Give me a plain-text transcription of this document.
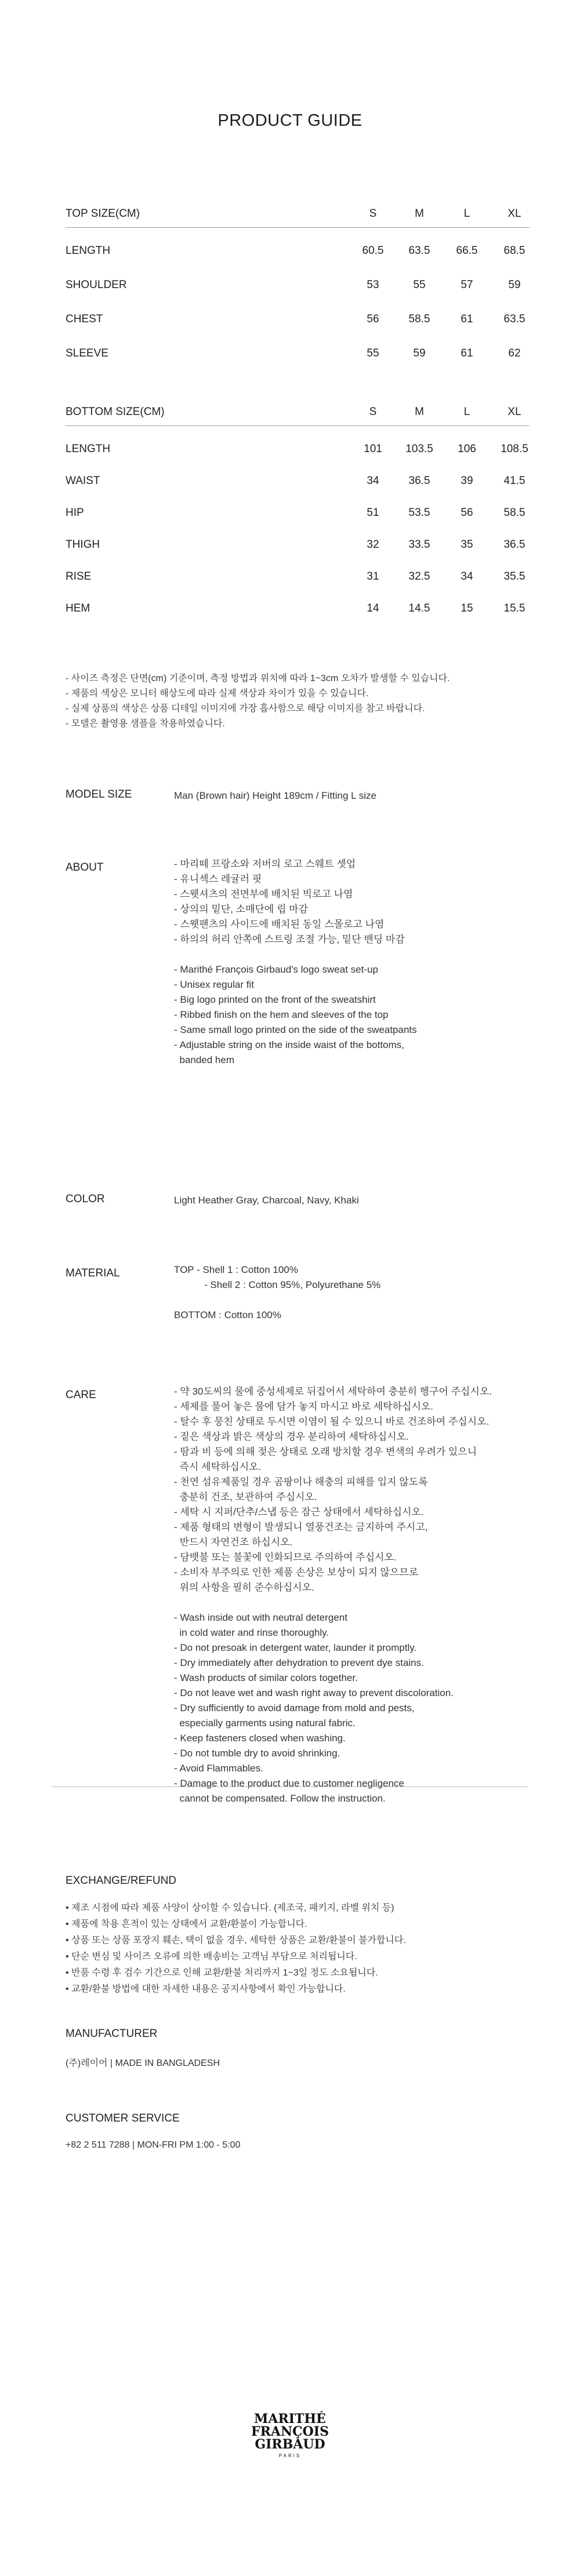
PRODUCT GUIDE
TOP SIZE(CM)	S	M	L	XL
LENGTH	60.5	63.5	66.5	68.5
SHOULDER	53	55	57	59
CHEST	56	58.5	61	63.5
SLEEVE	55	59	61	62
BOTTOM SIZE(CM)	S	M	L	XL
LENGTH	101	103.5	106	108.5
WAIST	34	36.5	39	41.5
HIP	51	53.5	56	58.5
THIGH	32	33.5	35	36.5
RISE	31	32.5	34	35.5
HEM	14	14.5	15	15.5

- 사이즈 측정은 단면(cm) 기준이며, 측정 방법과 위치에 따라 1~3cm 오차가 발생할 수 있습니다.

- 제품의 색상은 모니터 해상도에 따라 실제 색상과 차이가 있을 수 있습니다.

- 실제 상품의 색상은 상품 디테일 이미지에 가장 흡사함으로 해당 이미지를 참고 바랍니다.

- 모델은 촬영용 샘플을 착용하였습니다.

MODEL SIZE	Man (Brown hair) Height 189cm / Fitting L size
ABOUT	- 마리떼 프랑소와 저버의 로고 스웨트 셋업

- 유니섹스 레귤러 핏

- 스웻셔츠의 전면부에 배치된 빅로고 나염

- 상의의 밑단, 소매단에 립 마감

- 스웻팬츠의 사이드에 배치된 동일 스몰로고 나염

- 하의의 허리 안쪽에 스트링 조절 가능, 밑단 밴딩 마감

- Marithé François Girbaud's logo sweat set-up

- Unisex regular fit

- Big logo printed on the front of the sweatshirt

- Ribbed finish on the hem and sleeves of the top

- Same small logo printed on the side of the sweatpants

- Adjustable string on the inside waist of the bottoms,
banded hem

COLOR	Light Heather Gray, Charcoal, Navy, Khaki
MATERIAL	TOP - Shell 1 : Cotton 100%

- Shell 2 : Cotton 95%, Polyurethane 5%

BOTTOM : Cotton 100%

CARE	- 약 30도씨의 물에 중성세제로 뒤집어서 세탁하여 충분히 헹구어 주십시오.

- 세제를 풀어 놓은 물에 담가 놓지 마시고 바로 세탁하십시오.

- 탈수 후 뭉친 상태로 두시면 이염이 될 수 있으니 바로 건조하여 주십시오.

- 짙은 색상과 밝은 색상의 경우 분리하여 세탁하십시오.

- 땀과 비 등에 의해 젖은 상태로 오래 방치할 경우 변색의 우려가 있으니
즉시 세탁하십시오.

- 천연 섬유제품일 경우 곰팡이나 해충의 피해를 입지 않도록
충분히 건조, 보관하여 주십시오.

- 세탁 시 지퍼/단추/스냅 등은 잠근 상태에서 세탁하십시오.

- 제품 형태의 변형이 발생되니 열풍건조는 금지하여 주시고,
반드시 자연건조 하십시오.

- 담뱃불 또는 불꽃에 인화되므로 주의하여 주십시오.

- 소비자 부주의로 인한 제품 손상은 보상이 되지 않으므로
위의 사항을 필히 준수하십시오.

- Wash inside out with neutral detergent
in cold water and rinse thoroughly.

- Do not presoak in detergent water, launder it promptly.

- Dry immediately after dehydration to prevent dye stains.

- Wash products of similar colors together.

- Do not leave wet and wash right away to prevent discoloration.

- Dry sufficiently to avoid damage from mold and pests,
especially garments using natural fabric.

- Keep fasteners closed when washing.

- Do not tumble dry to avoid shrinking.

- Avoid Flammables.

- Damage to the product due to customer negligence
cannot be compensated. Follow the instruction.

EXCHANGE/REFUND

• 제조 시점에 따라 제품 사양이 상이할 수 있습니다. (제조국, 패키지, 라벨 위치 등)

• 제품에 착용 흔적이 있는 상태에서 교환/환불이 가능합니다.

• 상품 또는 상품 포장지 훼손, 택이 없을 경우, 세탁한 상품은 교환/환불이 불가합니다.

• 단순 변심 및 사이즈 오류에 의한 배송비는 고객님 부담으로 처리됩니다.

• 반품 수령 후 검수 기간으로 인해 교환/환불 처리까지 1~3일 정도 소요됩니다.

• 교환/환불 방법에 대한 자세한 내용은 공지사항에서 확인 가능합니다.

MANUFACTURER
(주)레이어 | MADE IN BANGLADESH
CUSTOMER SERVICE
+82 2 511 7288 | MON-FRI PM 1:00 - 5:00
MARITHÉ
FRANÇOIS
GIRBAUD
PARIS
